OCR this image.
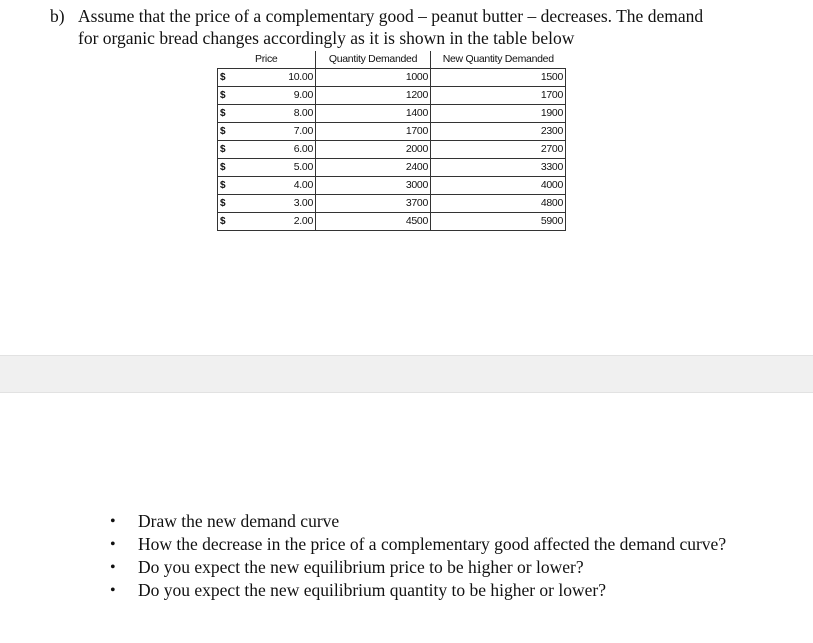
b) Assume that the price of a complementary good – peanut butter – decreases. The demand
for organic bread changes accordingly as it is shown in the table below
Price		Quantity Demanded	New Quantity Demanded
$	10.00	1000	1500
$	9.00	1200	1700
$	8.00	1400	1900
$	7.00	1700	2300
$	6.00	2000	2700
$	5.00	2400	3300
$	4.00	3000	4000
$	3.00	3700	4800
$	2.00	4500	5900
• Draw the new demand curve
• How the decrease in the price of a complementary good affected the demand curve?
• Do you expect the new equilibrium price to be higher or lower?
• Do you expect the new equilibrium quantity to be higher or lower?
